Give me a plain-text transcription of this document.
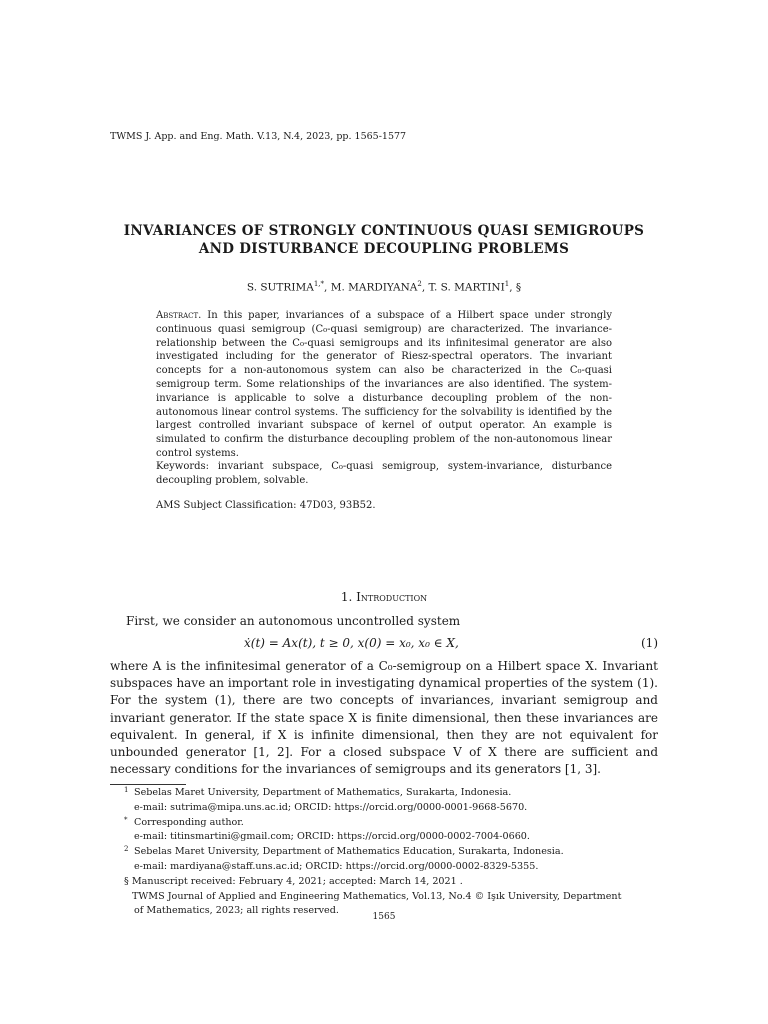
TWMS J. App. and Eng. Math. V.13, N.4, 2023, pp. 1565-1577
INVARIANCES OF STRONGLY CONTINUOUS QUASI SEMIGROUPS
AND DISTURBANCE DECOUPLING PROBLEMS
S. $SUTRIMA^{1,*}$, M. MARDIYANA$^2$, T. S. MARTINI$^1$, §
Abstract. In this paper, invariances of a subspace of a Hilbert space under strongly continuous quasi semigroup (C₀-quasi semigroup) are characterized. The invariance-relationship between the C₀-quasi semigroups and its infinitesimal generator are also investigated including for the generator of Riesz-spectral operators. The invariant concepts for a non-autonomous system can also be characterized in the C₀-quasi semigroup term. Some relationships of the invariances are also identified. The system-invariance is applicable to solve a disturbance decoupling problem of the non-autonomous linear control systems. The sufficiency for the solvability is identified by the largest controlled invariant subspace of kernel of output operator. An example is simulated to confirm the disturbance decoupling problem of the non-autonomous linear control systems.
Keywords: invariant subspace, C₀-quasi semigroup, system-invariance, disturbance decoupling problem, solvable.
AMS Subject Classification: 47D03, 93B52.
1. Introduction
First, we consider an autonomous uncontrolled system
ẋ(t) = Ax(t), t ≥ 0, x(0) = x₀, x₀ ∈ X,	(1)
where A is the infinitesimal generator of a C₀-semigroup on a Hilbert space X. Invariant subspaces have an important role in investigating dynamical properties of the system (1). For the system (1), there are two concepts of invariances, invariant semigroup and invariant generator. If the state space X is finite dimensional, then these invariances are equivalent. In general, if X is infinite dimensional, then they are not equivalent for unbounded generator [1, 2]. For a closed subspace V of X there are sufficient and necessary conditions for the invariances of semigroups and its generators [1, 3].
1 Sebelas Maret University, Department of Mathematics, Surakarta, Indonesia.
e-mail: sutrima@mipa.uns.ac.id; ORCID: https://orcid.org/0000-0001-9668-5670.
* Corresponding author.
e-mail: titinsmartini@gmail.com; ORCID: https://orcid.org/0000-0002-7004-0660.
2 Sebelas Maret University, Department of Mathematics Education, Surakarta, Indonesia.
e-mail: mardiyana@staff.uns.ac.id; ORCID: https://orcid.org/0000-0002-8329-5355.
§ Manuscript received: February 4, 2021; accepted: March 14, 2021 .
TWMS Journal of Applied and Engineering Mathematics, Vol.13, No.4 © Işık University, Department
of Mathematics, 2023; all rights reserved.
1565
